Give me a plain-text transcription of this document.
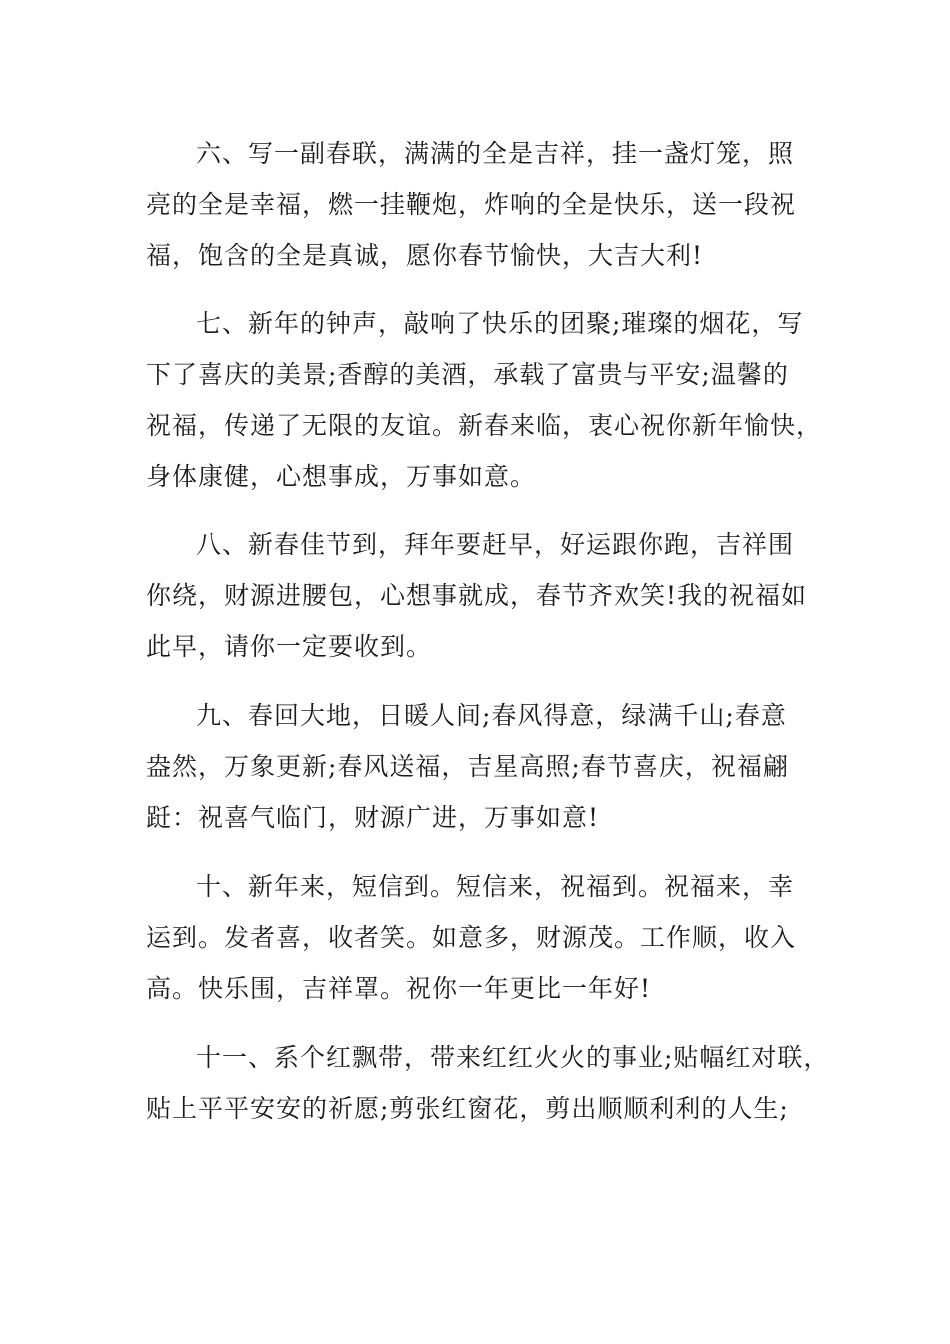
六、写一副春联，满满的全是吉祥，挂一盏灯笼，照
亮的全是幸福，燃一挂鞭炮，炸响的全是快乐，送一段祝
福，饱含的全是真诚，愿你春节愉快，大吉大利!
七、新年的钟声，敲响了快乐的团聚;璀璨的烟花，写
下了喜庆的美景;香醇的美酒，承载了富贵与平安;温馨的
祝福，传递了无限的友谊。新春来临，衷心祝你新年愉快，
身体康健，心想事成，万事如意。
八、新春佳节到，拜年要赶早，好运跟你跑，吉祥围
你绕，财源进腰包，心想事就成，春节齐欢笑!我的祝福如
此早，请你一定要收到。
九、春回大地，日暖人间;春风得意，绿满千山;春意
盎然，万象更新;春风送福，吉星高照;春节喜庆，祝福翩
跹：祝喜气临门，财源广进，万事如意!
十、新年来，短信到。短信来，祝福到。祝福来，幸
运到。发者喜，收者笑。如意多，财源茂。工作顺，收入
高。快乐围，吉祥罩。祝你一年更比一年好!
十一、系个红飘带，带来红红火火的事业;贴幅红对联，
贴上平平安安的祈愿;剪张红窗花，剪出顺顺利利的人生;
